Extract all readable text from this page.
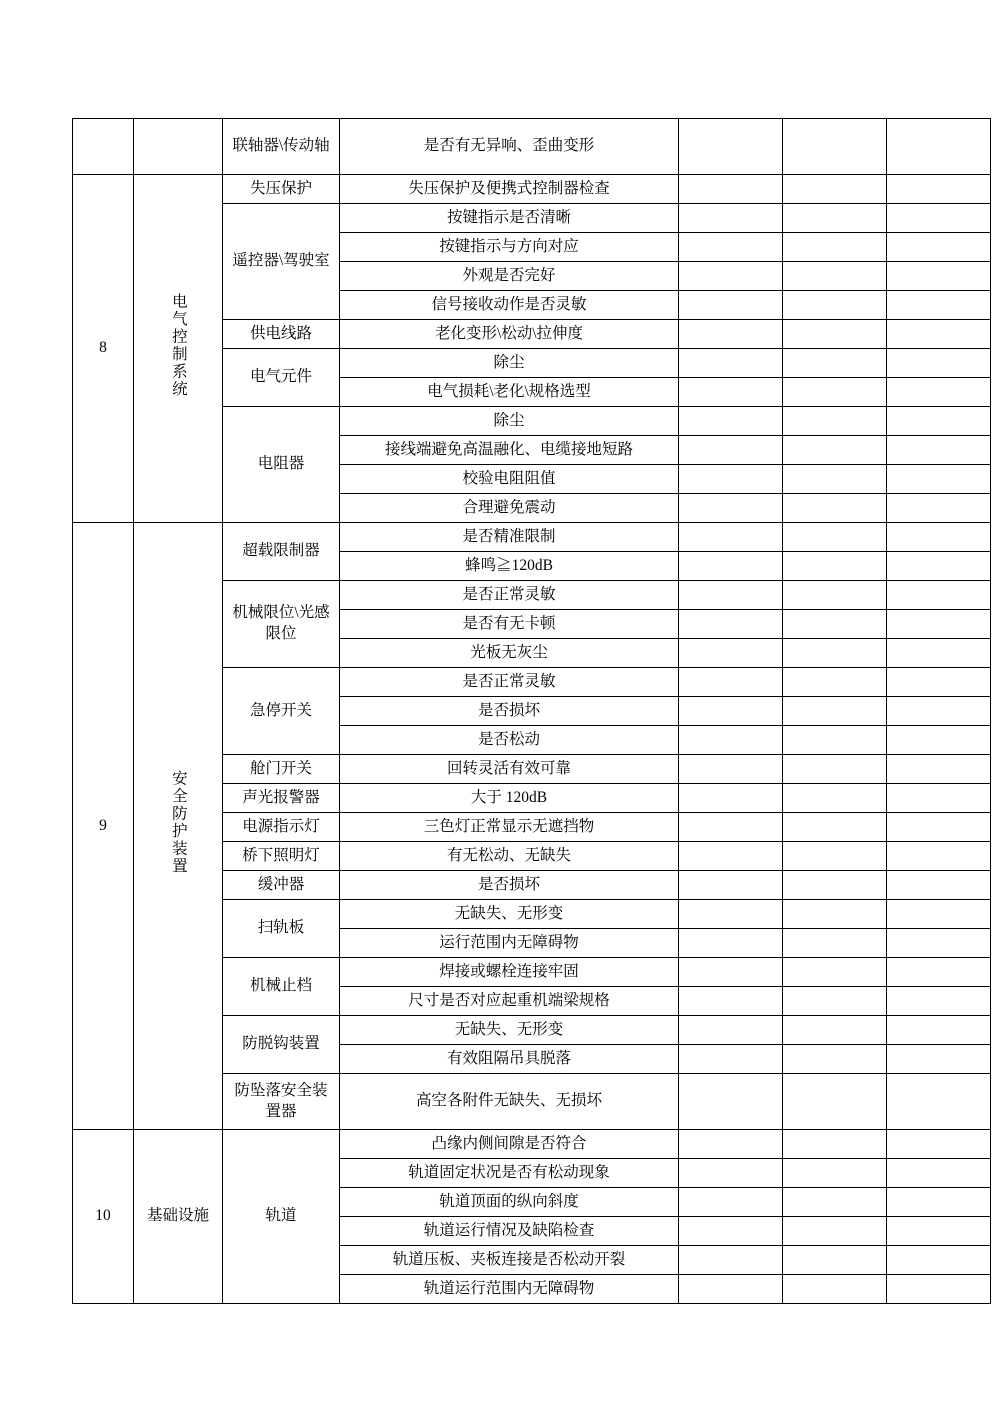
		联轴器\传动轴	是否有无异响、歪曲变形			
8	电气控制系统	失压保护	失压保护及便携式控制器检查			
		遥控器\驾驶室	按键指示是否清晰			
			按键指示与方向对应			
			外观是否完好			
			信号接收动作是否灵敏			
		供电线路	老化变形\松动\拉伸度			
		电气元件	除尘			
			电气损耗\老化\规格选型			
		电阻器	除尘			
			接线端避免高温融化、电缆接地短路			
			校验电阻阻值			
			合理避免震动			
9	安全防护装置	超载限制器	是否精准限制			
			蜂鸣≧120dB			
		机械限位\光感限位	是否正常灵敏			
			是否有无卡顿			
			光板无灰尘			
		急停开关	是否正常灵敏			
			是否损坏			
			是否松动			
		舱门开关	回转灵活有效可靠			
		声光报警器	大于 120dB			
		电源指示灯	三色灯正常显示无遮挡物			
		桥下照明灯	有无松动、无缺失			
		缓冲器	是否损坏			
		扫轨板	无缺失、无形变			
			运行范围内无障碍物			
		机械止档	焊接或螺栓连接牢固			
			尺寸是否对应起重机端梁规格			
		防脱钩装置	无缺失、无形变			
			有效阻隔吊具脱落			
		防坠落安全装置器	高空各附件无缺失、无损坏			
10	基础设施	轨道	凸缘内侧间隙是否符合			
			轨道固定状况是否有松动现象			
			轨道顶面的纵向斜度			
			轨道运行情况及缺陷检查			
			轨道压板、夹板连接是否松动开裂			
			轨道运行范围内无障碍物			
